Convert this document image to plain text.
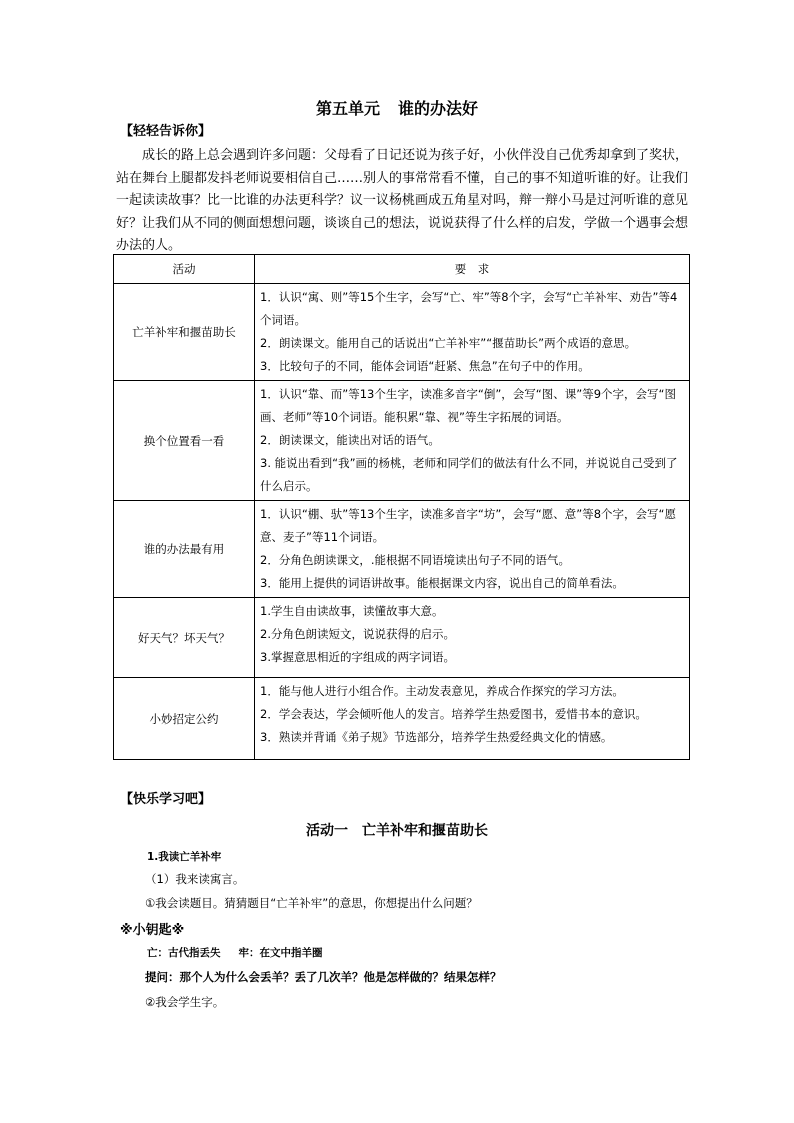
第五单元 谁的办法好
【轻轻告诉你】

成长的路上总会遇到许多问题：父母看了日记还说为孩子好，小伙伴没自己优秀却拿到了奖状，站在舞台上腿都发抖老师说要相信自己……别人的事常常看不懂，自己的事不知道听谁的好。让我们一起读读故事？比一比谁的办法更科学？议一议杨桃画成五角星对吗，辩一辩小马是过河听谁的意见好？让我们从不同的侧面想想问题，谈谈自己的想法，说说获得了什么样的启发，学做一个遇事会想办法的人。

活动	要　求
亡羊补牢和揠苗助长	1．认识“寓、则”等15个生字，会写“亡、牢”等8个字，会写“亡羊补牢、劝告”等4个词语。
2．朗读课文。能用自己的话说出“亡羊补牢”“揠苗助长”两个成语的意思。
3．比较句子的不同，能体会词语“赶紧、焦急”在句子中的作用。

换个位置看一看	1．认识“靠、而”等13个生字，读准多音字“倒”，会写“图、课”等9个字，会写“图画、老师”等10个词语。能积累“靠、视”等生字拓展的词语。
2．朗读课文，能读出对话的语气。
3. 能说出看到“我”画的杨桃，老师和同学们的做法有什么不同，并说说自己受到了什么启示。

谁的办法最有用	1．认识“棚、驮”等13个生字，读准多音字“坊”，会写“愿、意”等8个字，会写“愿意、麦子”等11个词语。
2．分角色朗读课文，.能根据不同语境读出句子不同的语气。
3．能用上提供的词语讲故事。能根据课文内容，说出自己的简单看法。

好天气？坏天气？	1.学生自由读故事，读懂故事大意。
2.分角色朗读短文，说说获得的启示。
3.掌握意思相近的字组成的两字词语。

小妙招定公约	1．能与他人进行小组合作。主动发表意见，养成合作探究的学习方法。
2．学会表达，学会倾听他人的发言。培养学生热爱图书，爱惜书本的意识。
3．熟读并背诵《弟子规》节选部分，培养学生热爱经典文化的情感。
【快乐学习吧】
活动一 亡羊补牢和揠苗助长
1.我读亡羊补牢
（1）我来读寓言。
①我会读题目。猜猜题目“亡羊补牢”的意思，你想提出什么问题？
※小钥匙※
亡：古代指丢失 牢：在文中指羊圈
提问：那个人为什么会丢羊？丢了几次羊？他是怎样做的？结果怎样？
②我会学生字。
